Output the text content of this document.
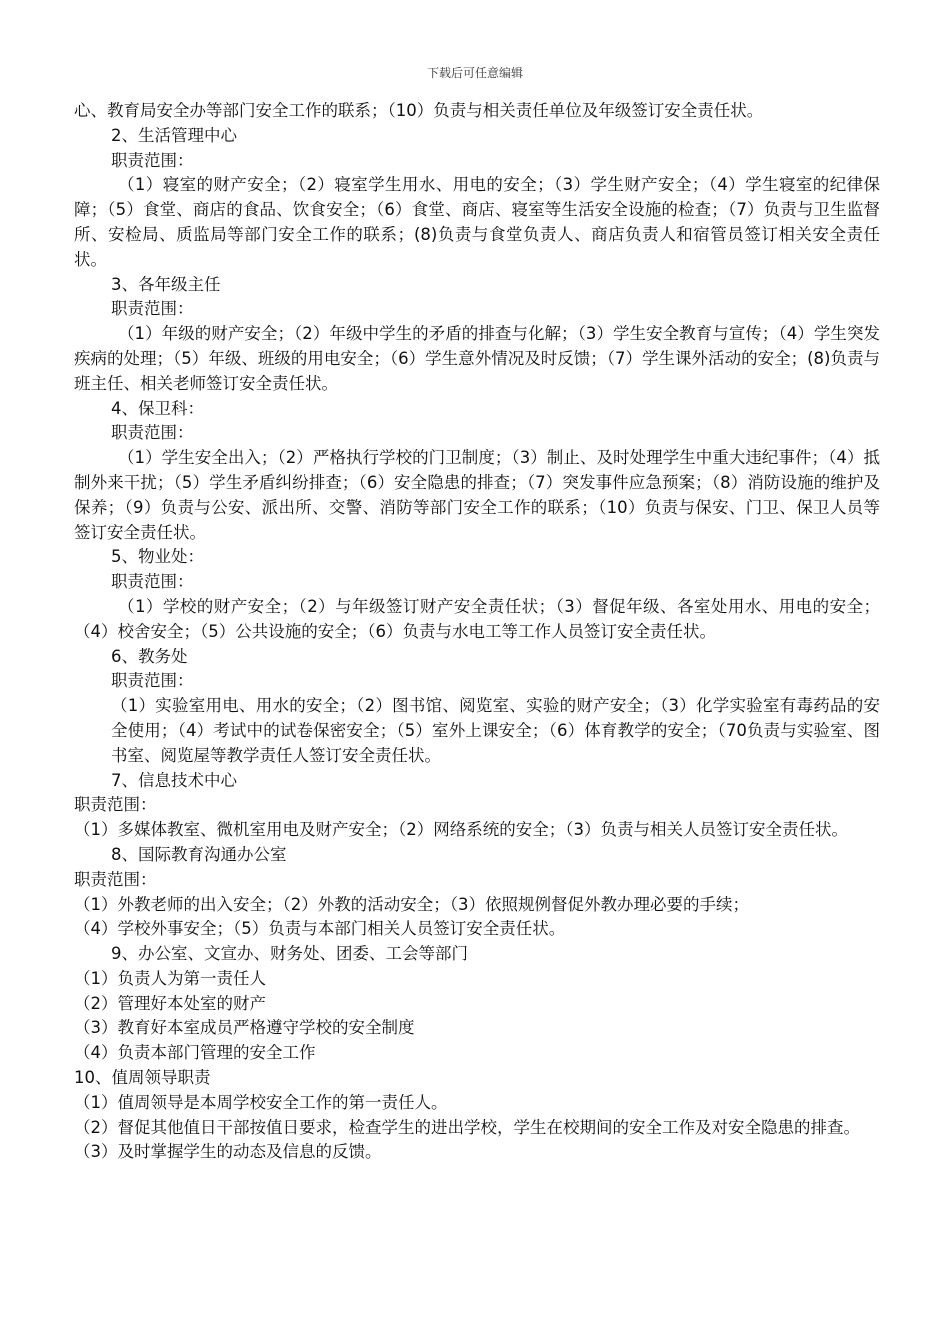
下载后可任意编辑

心、教育局安全办等部门安全工作的联系；（10）负责与相关责任单位及年级签订安全责任状。

2、生活管理中心

职责范围：

（1）寝室的财产安全；（2）寝室学生用水、用电的安全；（3）学生财产安全；（4）学生寝室的纪律保障；（5）食堂、商店的食品、饮食安全；（6）食堂、商店、寝室等生活安全设施的检查；（7）负责与卫生监督所、安检局、质监局等部门安全工作的联系；(8)负责与食堂负责人、商店负责人和宿管员签订相关安全责任状。

3、各年级主任

职责范围：

（1）年级的财产安全；（2）年级中学生的矛盾的排查与化解；（3）学生安全教育与宣传；（4）学生突发疾病的处理；（5）年级、班级的用电安全；（6）学生意外情况及时反馈；（7）学生课外活动的安全；(8)负责与班主任、相关老师签订安全责任状。

4、保卫科：

职责范围：

（1）学生安全出入；（2）严格执行学校的门卫制度；（3）制止、及时处理学生中重大违纪事件；（4）抵制外来干扰；（5）学生矛盾纠纷排查；（6）安全隐患的排查；（7）突发事件应急预案；（8）消防设施的维护及保养；（9）负责与公安、派出所、交警、消防等部门安全工作的联系；（10）负责与保安、门卫、保卫人员等签订安全责任状。

5、物业处：

职责范围：

（1）学校的财产安全；（2）与年级签订财产安全责任状；（3）督促年级、各室处用水、用电的安全；（4）校舍安全；（5）公共设施的安全；（6）负责与水电工等工作人员签订安全责任状。

6、教务处

职责范围：

（1）实验室用电、用水的安全；（2）图书馆、阅览室、实验的财产安全；（3）化学实验室有毒药品的安全使用；（4）考试中的试卷保密安全；（5）室外上课安全；（6）体育教学的安全；（70负责与实验室、图书室、阅览屋等教学责任人签订安全责任状。

7、信息技术中心

职责范围：

（1）多媒体教室、微机室用电及财产安全；（2）网络系统的安全；（3）负责与相关人员签订安全责任状。

8、国际教育沟通办公室

职责范围：

（1）外教老师的出入安全；（2）外教的活动安全；（3）依照规例督促外教办理必要的手续；

（4）学校外事安全；（5）负责与本部门相关人员签订安全责任状。

9、办公室、文宣办、财务处、团委、工会等部门

（1）负责人为第一责任人

（2）管理好本处室的财产

（3）教育好本室成员严格遵守学校的安全制度

（4）负责本部门管理的安全工作

10、值周领导职责

（1）值周领导是本周学校安全工作的第一责任人。

（2）督促其他值日干部按值日要求，检查学生的进出学校，学生在校期间的安全工作及对安全隐患的排查。

（3）及时掌握学生的动态及信息的反馈。
